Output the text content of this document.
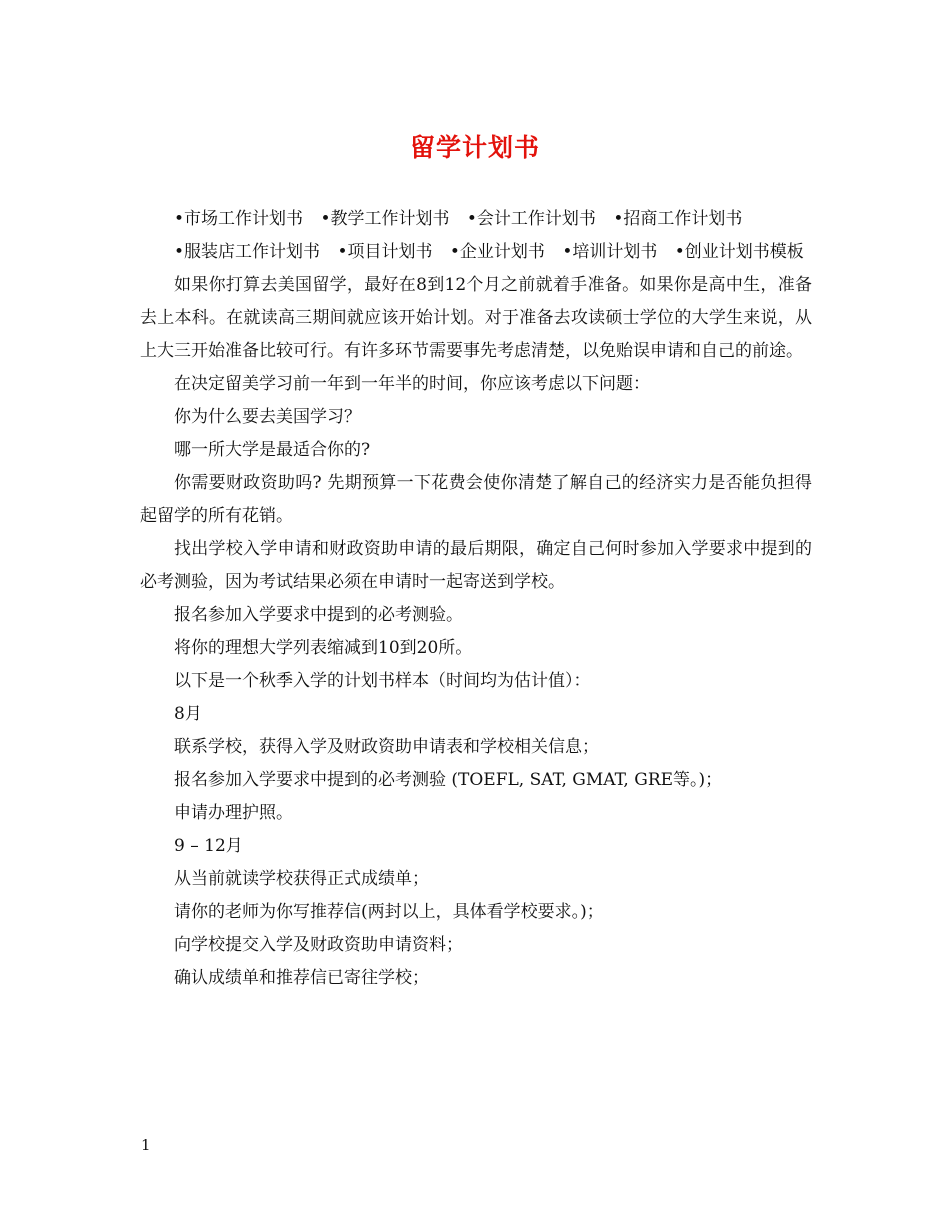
留学计划书

•市场工作计划书 •教学工作计划书 •会计工作计划书 •招商工作计划书

•服装店工作计划书 •项目计划书 •企业计划书 •培训计划书 •创业计划书模板

如果你打算去美国留学，最好在8到12个月之前就着手准备。如果你是高中生，准备去上本科。在就读高三期间就应该开始计划。对于准备去攻读硕士学位的大学生来说，从上大三开始准备比较可行。有许多环节需要事先考虑清楚，以免贻误申请和自己的前途。

在决定留美学习前一年到一年半的时间，你应该考虑以下问题：

你为什么要去美国学习？

哪一所大学是最适合你的?

你需要财政资助吗? 先期预算一下花费会使你清楚了解自己的经济实力是否能负担得起留学的所有花销。

找出学校入学申请和财政资助申请的最后期限，确定自己何时参加入学要求中提到的必考测验，因为考试结果必须在申请时一起寄送到学校。

报名参加入学要求中提到的必考测验。

将你的理想大学列表缩减到10到20所。

以下是一个秋季入学的计划书样本（时间均为估计值）：

8月

联系学校，获得入学及财政资助申请表和学校相关信息；

报名参加入学要求中提到的必考测验 (TOEFL, SAT, GMAT, GRE等。)；

申请办理护照。

9 – 12月

从当前就读学校获得正式成绩单；

请你的老师为你写推荐信(两封以上，具体看学校要求。)；

向学校提交入学及财政资助申请资料；

确认成绩单和推荐信已寄往学校；

1
